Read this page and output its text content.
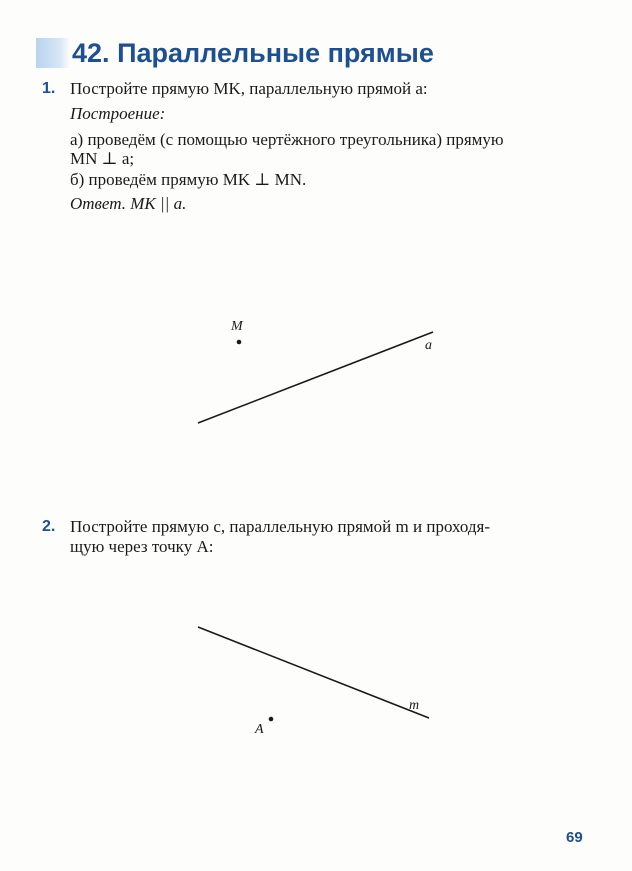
42. Параллельные прямые
1. Постройте прямую MK, параллельную прямой a:
Построение:
а) проведём (с помощью чертёжного треугольника) прямую
MN ⊥ a;
б) проведём прямую MK ⊥ MN.
Ответ. MK || a.
2. Постройте прямую c, параллельную прямой m и проходя-
щую через точку A:
M
a
A
m
69
